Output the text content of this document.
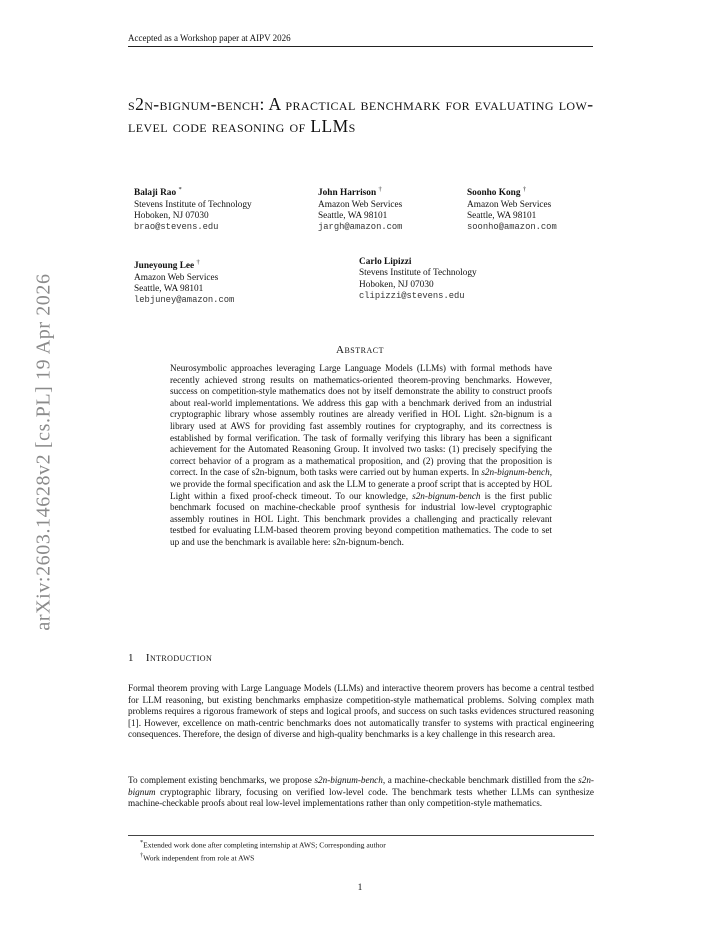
Accepted as a Workshop paper at AIPV 2026
s2n-bignum-bench: A practical benchmark for evaluating low-level code reasoning of LLMs
Balaji Rao *
Stevens Institute of Technology
Hoboken, NJ 07030
brao@stevens.edu
John Harrison †
Amazon Web Services
Seattle, WA 98101
jargh@amazon.com
Soonho Kong †
Amazon Web Services
Seattle, WA 98101
soonho@amazon.com
Juneyoung Lee †
Amazon Web Services
Seattle, WA 98101
lebjuney@amazon.com
Carlo Lipizzi
Stevens Institute of Technology
Hoboken, NJ 07030
clipizzi@stevens.edu
Abstract
Neurosymbolic approaches leveraging Large Language Models (LLMs) with formal methods have recently achieved strong results on mathematics-oriented theorem-proving benchmarks. However, success on competition-style mathematics does not by itself demonstrate the ability to construct proofs about real-world implementations. We address this gap with a benchmark derived from an industrial cryptographic library whose assembly routines are already verified in HOL Light. s2n-bignum is a library used at AWS for providing fast assembly routines for cryptography, and its correctness is established by formal verification. The task of formally verifying this library has been a significant achievement for the Automated Reasoning Group. It involved two tasks: (1) precisely specifying the correct behavior of a program as a mathematical proposition, and (2) proving that the proposition is correct. In the case of s2n-bignum, both tasks were carried out by human experts. In s2n-bignum-bench, we provide the formal specification and ask the LLM to generate a proof script that is accepted by HOL Light within a fixed proof-check timeout. To our knowledge, s2n-bignum-bench is the first public benchmark focused on machine-checkable proof synthesis for industrial low-level cryptographic assembly routines in HOL Light. This benchmark provides a challenging and practically relevant testbed for evaluating LLM-based theorem proving beyond competition mathematics. The code to set up and use the benchmark is available here: s2n-bignum-bench.
1 Introduction
Formal theorem proving with Large Language Models (LLMs) and interactive theorem provers has become a central testbed for LLM reasoning, but existing benchmarks emphasize competition-style mathematical problems. Solving complex math problems requires a rigorous framework of steps and logical proofs, and success on such tasks evidences structured reasoning [1]. However, excellence on math-centric benchmarks does not automatically transfer to systems with practical engineering consequences. Therefore, the design of diverse and high-quality benchmarks is a key challenge in this research area.
To complement existing benchmarks, we propose s2n-bignum-bench, a machine-checkable benchmark distilled from the s2n-bignum cryptographic library, focusing on verified low-level code. The benchmark tests whether LLMs can synthesize machine-checkable proofs about real low-level implementations rather than only competition-style mathematics.
*Extended work done after completing internship at AWS; Corresponding author
†Work independent from role at AWS
1
arXiv:2603.14628v2 [cs.PL] 19 Apr 2026
